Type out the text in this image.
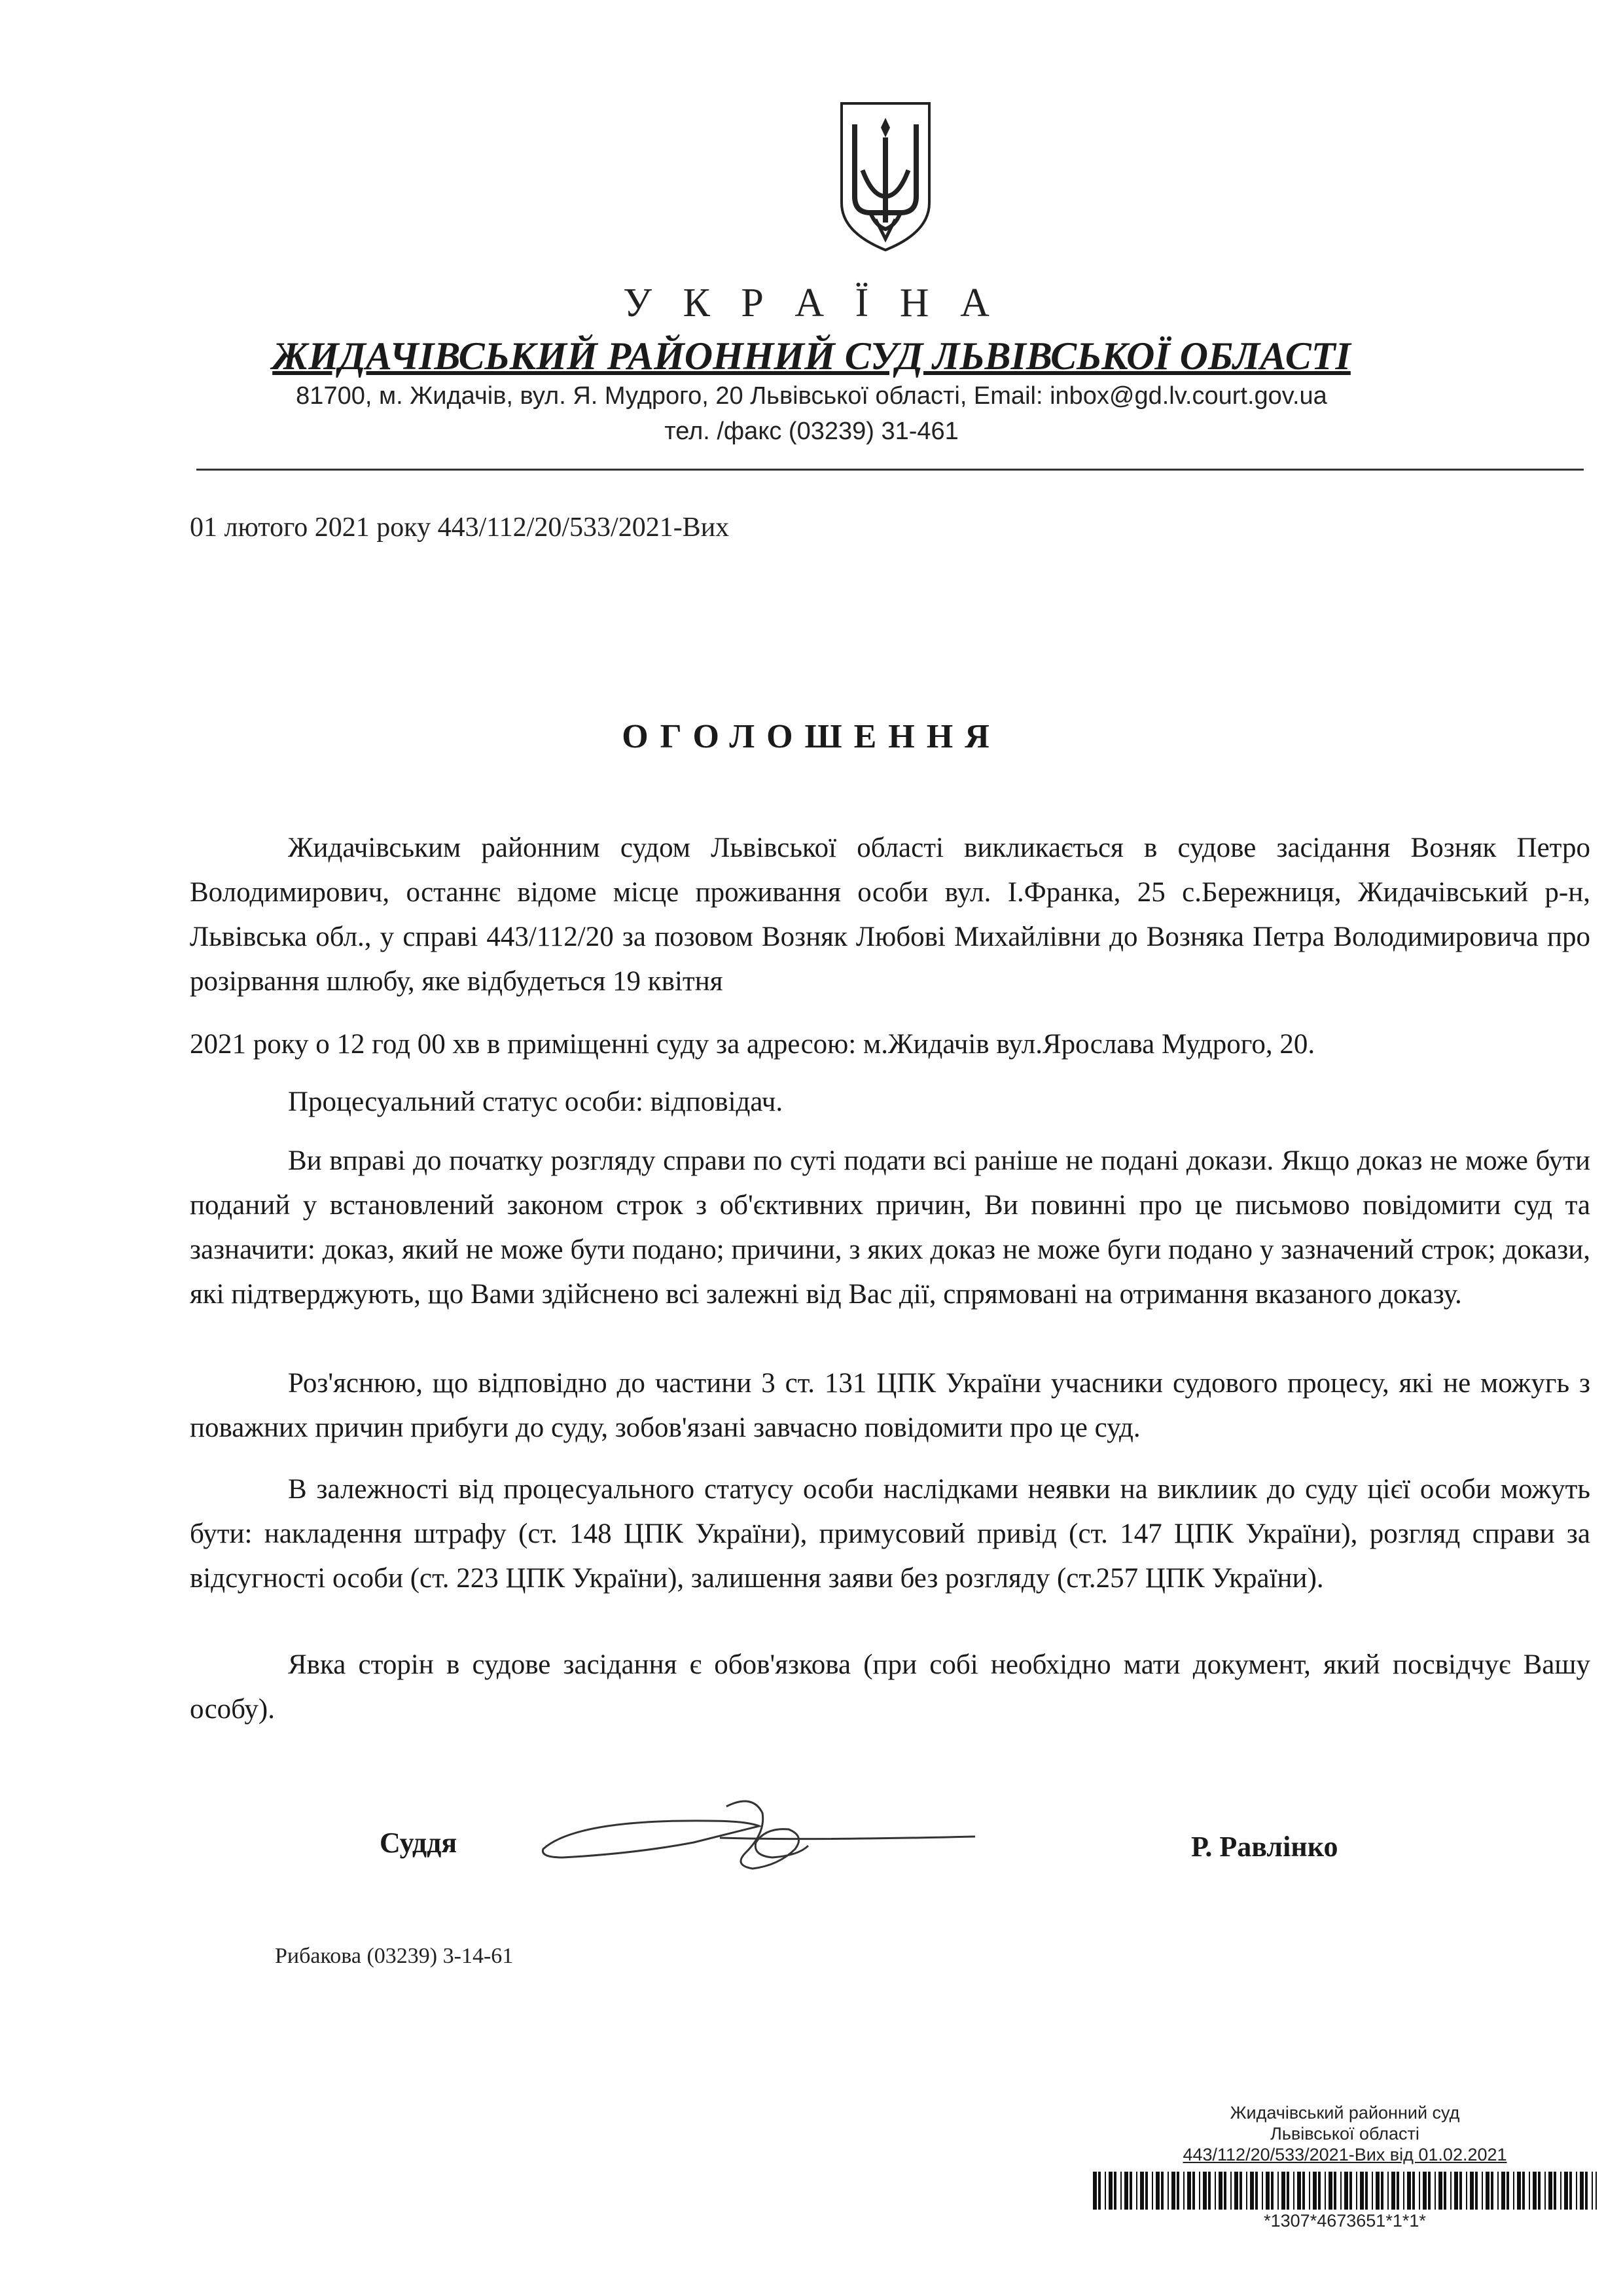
У К Р А Ї Н А
ЖИДАЧІВСЬКИЙ РАЙОННИЙ СУД ЛЬВІВСЬКОЇ ОБЛАСТІ
81700, м. Жидачів, вул. Я. Мудрого, 20 Львівської області, Email: inbox@gd.lv.court.gov.ua
тел. /факс (03239) 31-461
01 лютого 2021 року 443/112/20/533/2021-Вих
ОГОЛОШЕННЯ

Жидачівським районним судом Львівської області викликається в судове засідання Возняк Петро Володимирович, останнє відоме місце проживання особи вул. І.Франка, 25 с.Бережниця, Жидачівський р-н, Львівська обл., у справі 443/112/20 за позовом Возняк Любові Михайлівни до Возняка Петра Володимировича про розірвання шлюбу, яке відбудеться 19 квітня

2021 року о 12 год 00 хв в приміщенні суду за адресою: м.Жидачів вул.Ярослава Мудрого, 20.

Процесуальний статус особи: відповідач.

Ви вправі до початку розгляду справи по суті подати всі раніше не подані докази. Якщо доказ не може бути поданий у встановлений законом строк з об'єктивних причин, Ви повинні про це письмово повідомити суд та зазначити: доказ, який не може бути подано; причини, з яких доказ не може буги подано у зазначений строк; докази, які підтверджують, що Вами здійснено всі залежні від Вас дії, спрямовані на отримання вказаного доказу.

Роз'яснюю, що відповідно до частини 3 ст. 131 ЦПК України учасники судового процесу, які не можугь з поважних причин прибуги до суду, зобов'язані завчасно повідомити про це суд.

В залежності від процесуального статусу особи наслідками неявки на виклиик до суду цієї особи можуть бути: накладення штрафу (ст. 148 ЦПК України), примусовий привід (ст. 147 ЦПК України), розгляд справи за відсугності особи (ст. 223 ЦПК України), залишення заяви без розгляду (ст.257 ЦПК України).

Явка сторін в судове засідання є обов'язкова (при собі необхідно мати документ, який посвідчує Вашу особу).

Суддя	Р. Равлінко
Рибакова (03239) 3-14-61
Жидачівський районний суд
Львівської області
443/112/20/533/2021-Вих від 01.02.2021
*1307*4673651*1*1*
